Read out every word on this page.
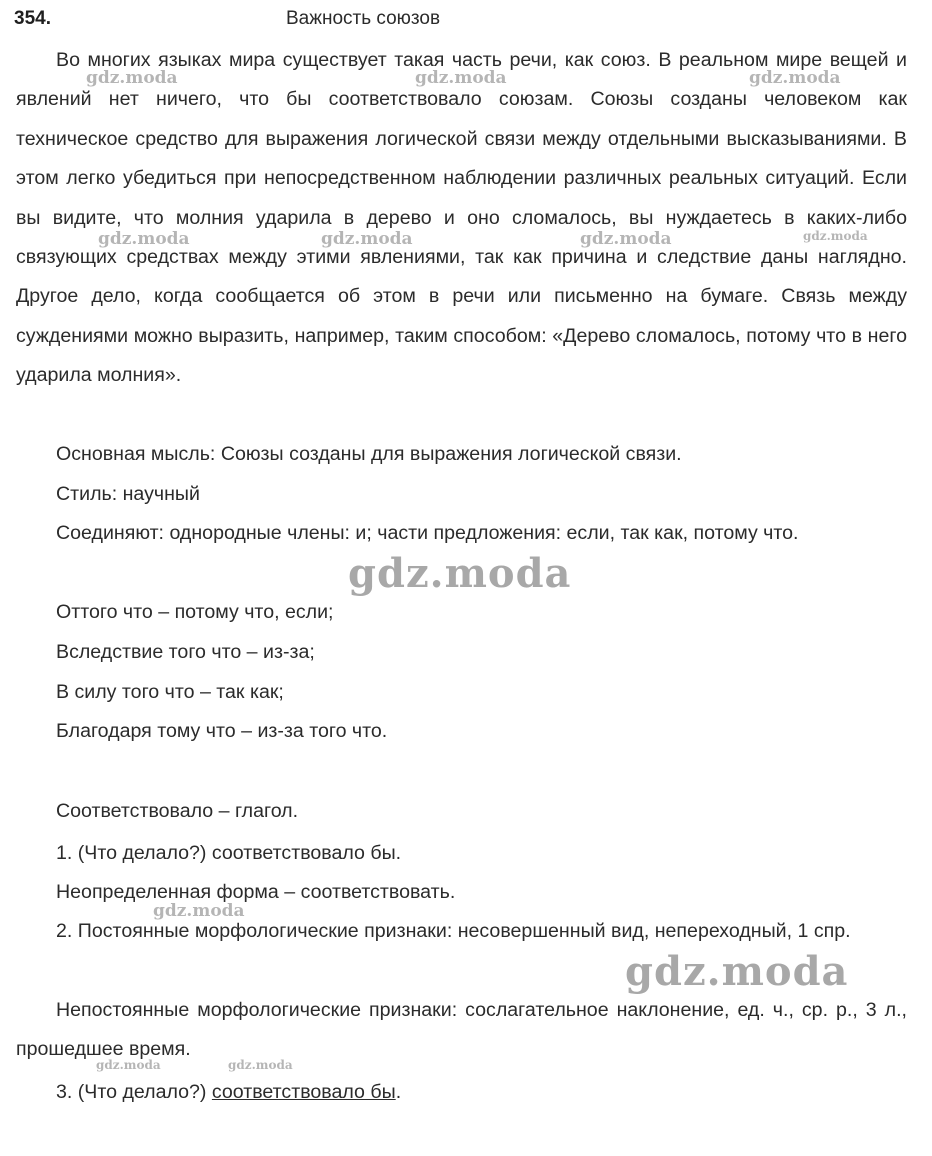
354.	Важность союзов

Во многих языках мира существует такая часть речи, как союз. В реальном мире вещей и явлений нет ничего, что бы соответствовало союзам. Союзы созданы человеком как техническое средство для выражения логической связи между отдельными высказываниями. В этом легко убедиться при непосредственном наблюдении различных реальных ситуаций. Если вы видите, что молния ударила в дерево и оно сломалось, вы нуждаетесь в каких-либо связующих средствах между этими явлениями, так как причина и следствие даны наглядно. Другое дело, когда сообщается об этом в речи или письменно на бумаге. Связь между суждениями можно выразить, например, таким способом: «Дерево сломалось, потому что в него ударила молния».

Основная мысль: Союзы созданы для выражения логической связи.

Стиль: научный

Соединяют: однородные члены: и; части предложения: если, так как, потому что.

Оттого что – потому что, если;

Вследствие того что – из-за;

В силу того что – так как;

Благодаря тому что – из-за того что.

Соответствовало – глагол.

1. (Что делало?) соответствовало бы.

Неопределенная форма – соответствовать.

2. Постоянные морфологические признаки: несовершенный вид, непереходный, 1 спр.

Непостоянные морфологические признаки: сослагательное наклонение, ед. ч., ср. р., 3 л., прошедшее время.

3. (Что делало?) соответствовало бы.

gdz.moda	gdz.moda	gdz.moda
gdz.moda	gdz.moda	gdz.moda	gdz.moda
gdz.moda
gdz.moda
gdz.moda
gdz.moda	gdz.moda
